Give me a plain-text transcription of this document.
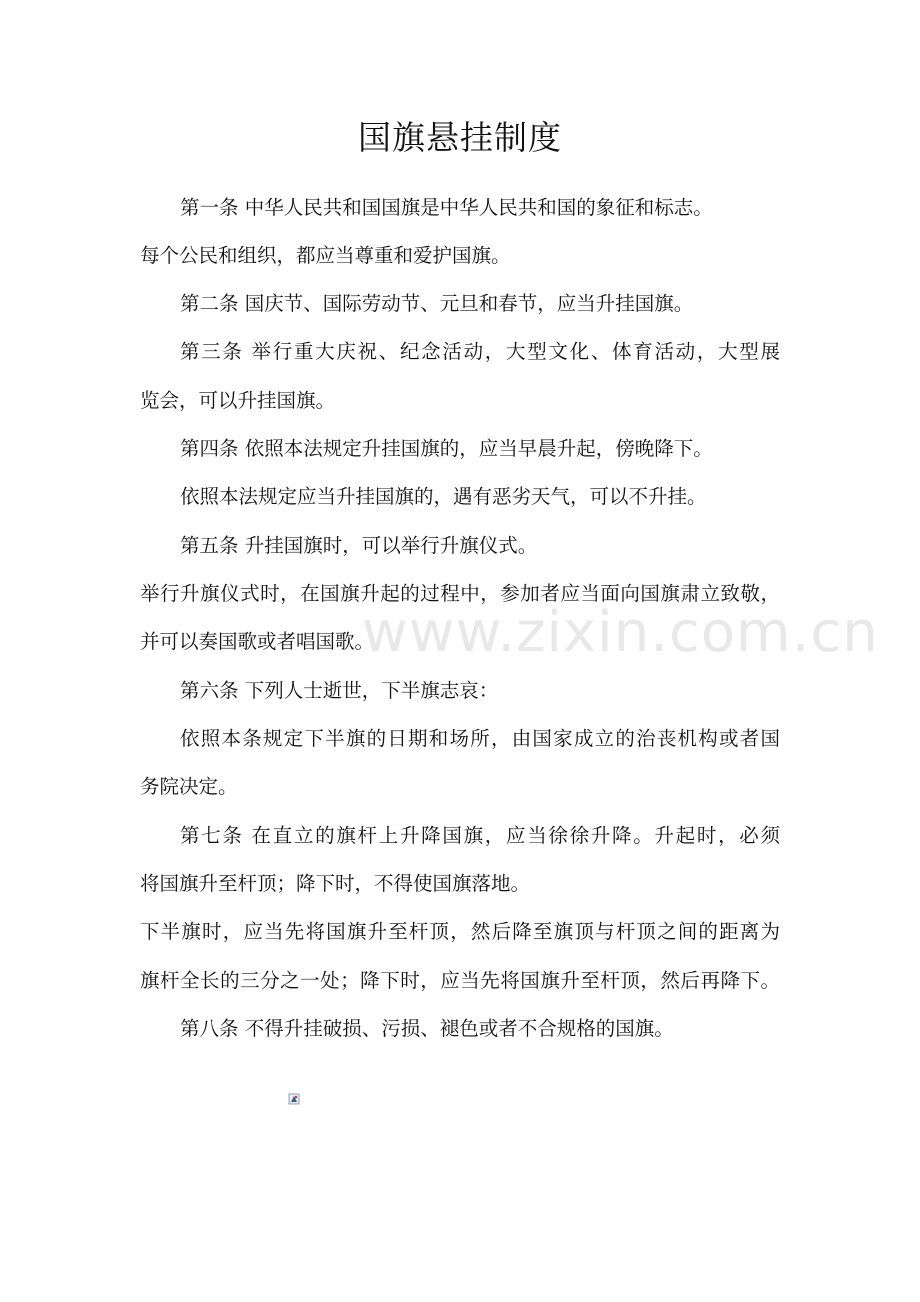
国旗悬挂制度
第一条 中华人民共和国国旗是中华人民共和国的象征和标志。
每个公民和组织，都应当尊重和爱护国旗。
第二条 国庆节、国际劳动节、元旦和春节，应当升挂国旗。
第三条 举行重大庆祝、纪念活动，大型文化、体育活动，大型展
览会，可以升挂国旗。
第四条 依照本法规定升挂国旗的，应当早晨升起，傍晚降下。
依照本法规定应当升挂国旗的，遇有恶劣天气，可以不升挂。
第五条 升挂国旗时，可以举行升旗仪式。
举行升旗仪式时，在国旗升起的过程中，参加者应当面向国旗肃立致敬，
并可以奏国歌或者唱国歌。
第六条 下列人士逝世，下半旗志哀：
依照本条规定下半旗的日期和场所，由国家成立的治丧机构或者国
务院决定。
第七条 在直立的旗杆上升降国旗，应当徐徐升降。升起时，必须
将国旗升至杆顶；降下时，不得使国旗落地。
下半旗时，应当先将国旗升至杆顶，然后降至旗顶与杆顶之间的距离为
旗杆全长的三分之一处；降下时，应当先将国旗升至杆顶，然后再降下。
第八条 不得升挂破损、污损、褪色或者不合规格的国旗。
www.zixin.com.cn
